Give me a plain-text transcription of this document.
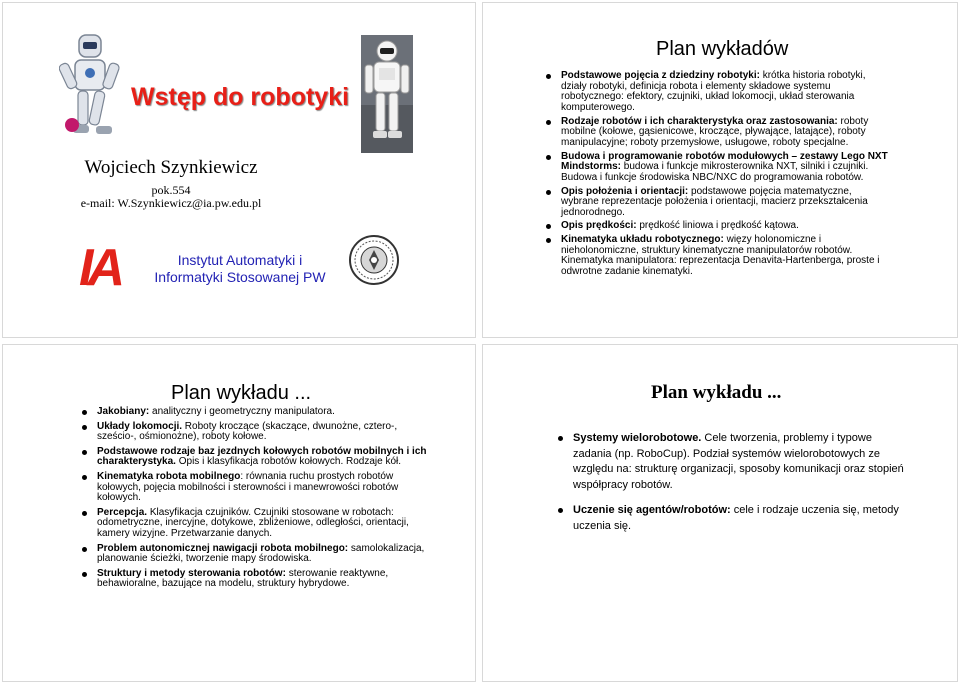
Wstęp do robotyki
Wojciech Szynkiewicz
pok.554
e-mail: W.Szynkiewicz@ia.pw.edu.pl
IA	Instytut Automatyki i
Informatyki Stosowanej PW
Plan wykładów
Podstawowe pojęcia z dziedziny robotyki: krótka historia robotyki, działy robotyki, definicja robota i elementy składowe systemu robotycznego: efektory, czujniki, układ lokomocji, układ sterowania komputerowego.
Rodzaje robotów i ich charakterystyka oraz zastosowania: roboty mobilne (kołowe, gąsienicowe, kroczące, pływające, latające), roboty manipulacyjne; roboty przemysłowe, usługowe, roboty specjalne.
Budowa i programowanie robotów modułowych – zestawy Lego NXT Mindstorms: budowa i funkcje mikrosterownika NXT, silniki i czujniki. Budowa i funkcje środowiska NBC/NXC do programowania robotów.
Opis położenia i orientacji: podstawowe pojęcia matematyczne, wybrane reprezentacje położenia i orientacji, macierz przekształcenia jednorodnego.
Opis prędkości: prędkość liniowa i prędkość kątowa.
Kinematyka układu robotycznego: więzy holonomiczne i nieholonomiczne, struktury kinematyczne manipulatorów robotów. Kinematyka manipulatora: reprezentacja Denavita-Hartenberga, proste i odwrotne zadanie kinematyki.
Plan wykładu ...
Jakobiany: analityczny i geometryczny manipulatora.
Układy lokomocji. Roboty kroczące (skaczące, dwunożne, cztero-, sześcio-, ośmionożne), roboty kołowe.
Podstawowe rodzaje baz jezdnych kołowych robotów mobilnych i ich charakterystyka. Opis i klasyfikacja robotów kołowych. Rodzaje kół.
Kinematyka robota mobilnego: równania ruchu prostych robotów kołowych, pojęcia mobilności i sterowności i manewrowości robotów kołowych.
Percepcja. Klasyfikacja czujników. Czujniki stosowane w robotach: odometryczne, inercyjne, dotykowe, zbliżeniowe, odległości, orientacji, kamery wizyjne. Przetwarzanie danych.
Problem autonomicznej nawigacji robota mobilnego: samolokalizacja, planowanie ścieżki, tworzenie mapy środowiska.
Struktury i metody sterowania robotów: sterowanie reaktywne, behawioralne, bazujące na modelu, struktury hybrydowe.
Plan wykładu ...
Systemy wielorobotowe. Cele tworzenia, problemy i typowe zadania (np. RoboCup). Podział systemów wielorobotowych ze względu na: strukturę organizacji, sposoby komunikacji oraz stopień współpracy robotów.
Uczenie się agentów/robotów: cele i rodzaje uczenia się, metody uczenia się.
